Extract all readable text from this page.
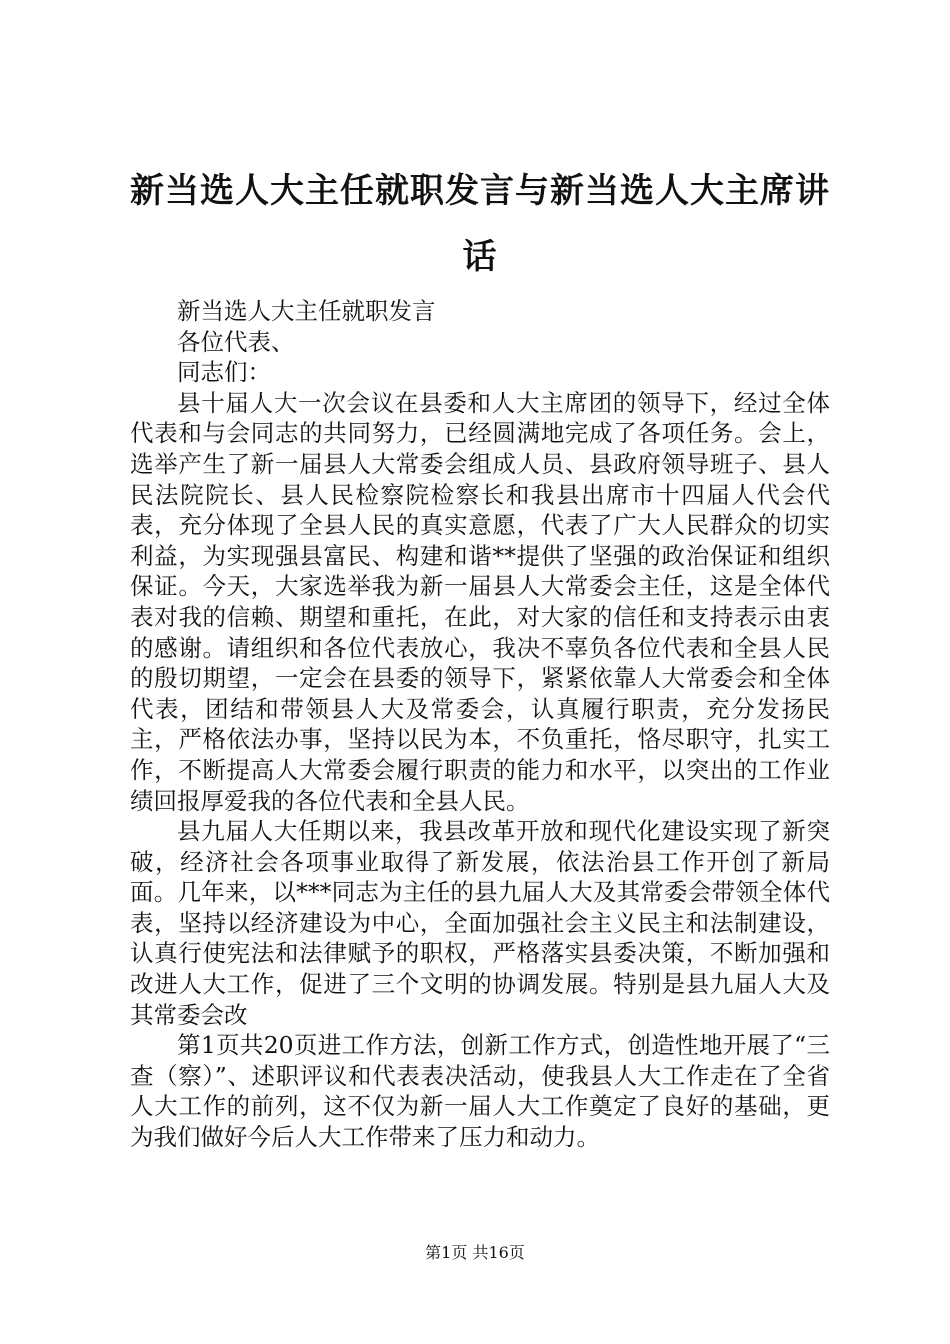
新当选人大主任就职发言与新当选人大主席讲话

新当选人大主任就职发言

各位代表、

同志们：

县十届人大一次会议在县委和人大主席团的领导下，经过全体代表和与会同志的共同努力，已经圆满地完成了各项任务。会上，选举产生了新一届县人大常委会组成人员、县政府领导班子、县人民法院院长、县人民检察院检察长和我县出席市十四届人代会代表，充分体现了全县人民的真实意愿，代表了广大人民群众的切实利益，为实现强县富民、构建和谐**提供了坚强的政治保证和组织保证。今天，大家选举我为新一届县人大常委会主任，这是全体代表对我的信赖、期望和重托，在此，对大家的信任和支持表示由衷的感谢。请组织和各位代表放心，我决不辜负各位代表和全县人民的殷切期望，一定会在县委的领导下，紧紧依靠人大常委会和全体代表，团结和带领县人大及常委会，认真履行职责，充分发扬民主，严格依法办事，坚持以民为本，不负重托，恪尽职守，扎实工作，不断提高人大常委会履行职责的能力和水平，以突出的工作业绩回报厚爱我的各位代表和全县人民。

县九届人大任期以来，我县改革开放和现代化建设实现了新突破，经济社会各项事业取得了新发展，依法治县工作开创了新局面。几年来，以***同志为主任的县九届人大及其常委会带领全体代表，坚持以经济建设为中心，全面加强社会主义民主和法制建设，认真行使宪法和法律赋予的职权，严格落实县委决策，不断加强和改进人大工作，促进了三个文明的协调发展。特别是县九届人大及其常委会改

第1页共20页进工作方法，创新工作方式，创造性地开展了“三查（察）”、述职评议和代表表决活动，使我县人大工作走在了全省人大工作的前列，这不仅为新一届人大工作奠定了良好的基础，更为我们做好今后人大工作带来了压力和动力。

第1页 共16页
